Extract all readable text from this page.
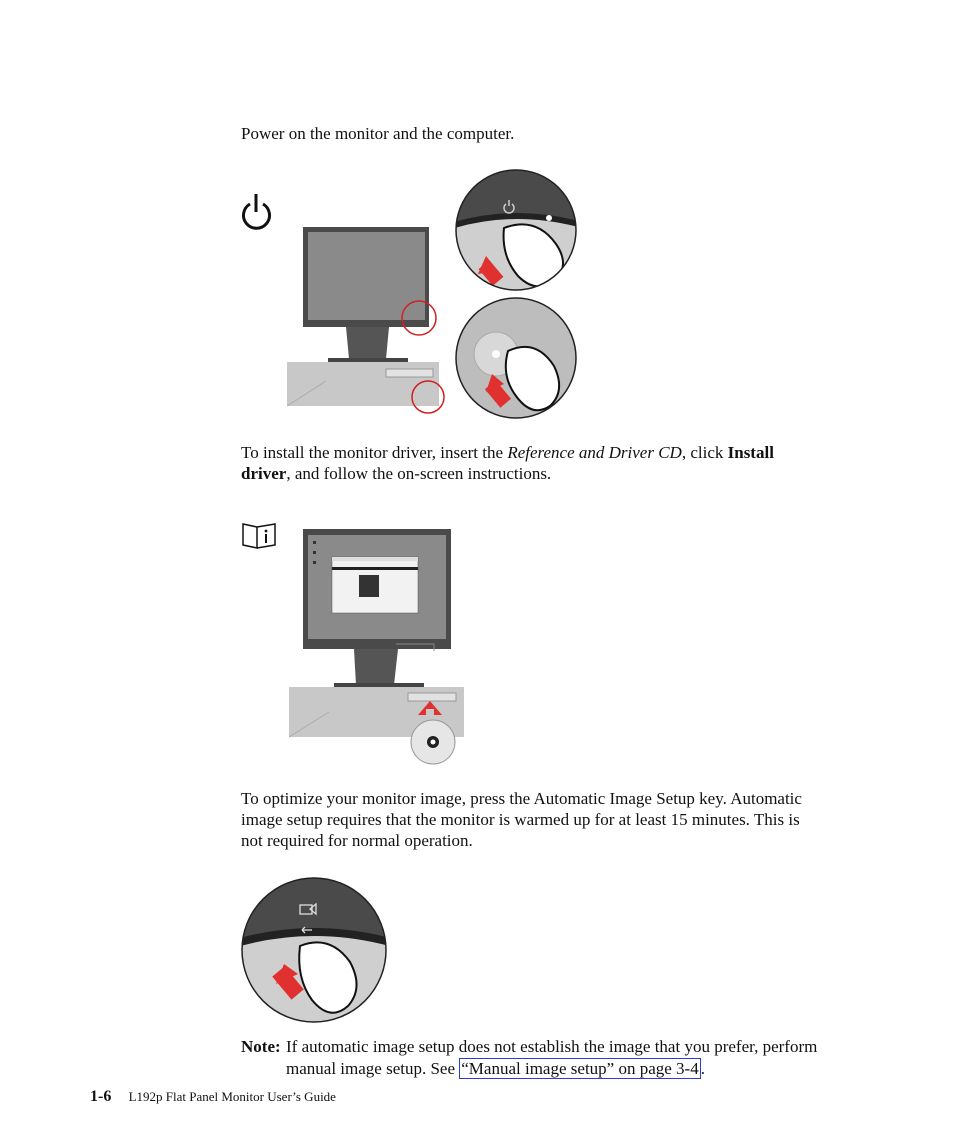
Power on the monitor and the computer.

To install the monitor driver, insert the Reference and Driver CD, click Install
driver, and follow the on-screen instructions.

To optimize your monitor image, press the Automatic Image Setup key. Automatic

image setup requires that the monitor is warmed up for at least 15 minutes. This is

not required for normal operation.

Note: If automatic image setup does not establish the image that you prefer, perform
manual image setup. See “Manual image setup” on page 3-4 .
1-6 L192p Flat Panel Monitor User’s Guide
